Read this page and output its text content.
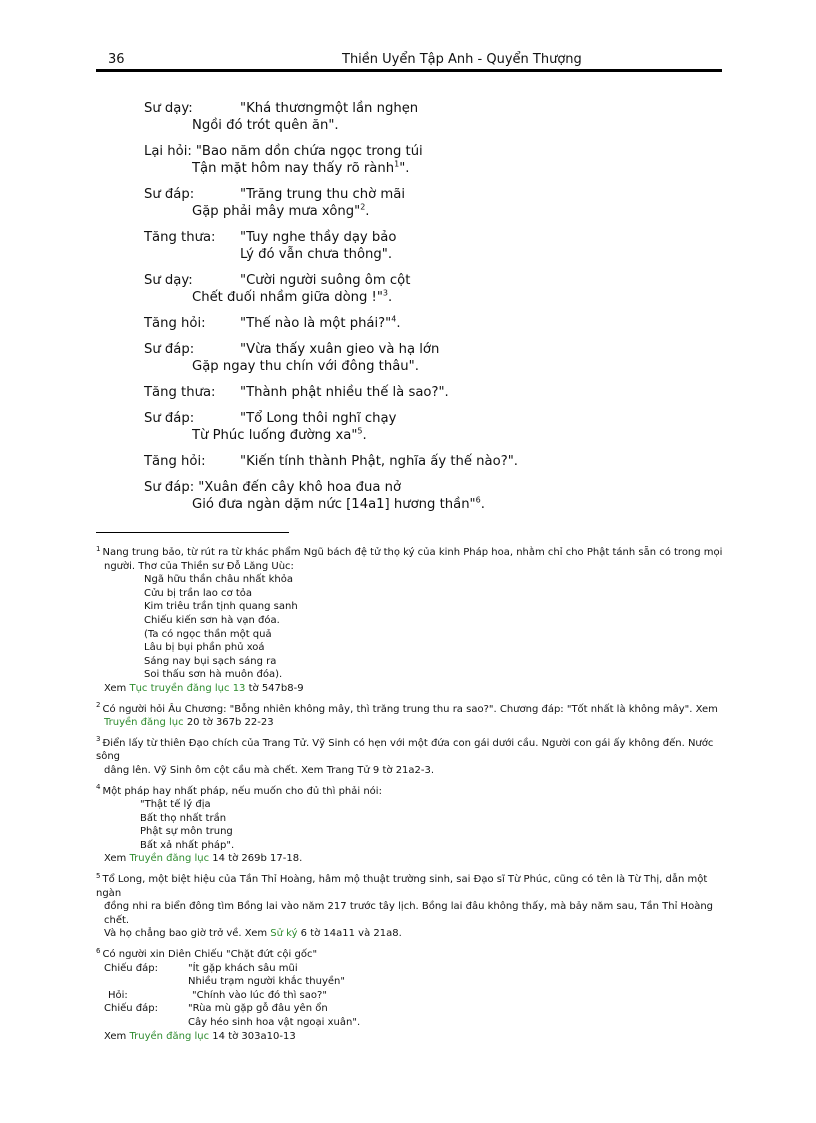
36	Thiền Uyển Tập Anh - Quyển Thượng
Sư dạy:	"Khá thươngmột lần nghẹn
Ngồi đó trót quên ăn".
Lại hỏi: "Bao năm dồn chứa ngọc trong túi
Tận mặt hôm nay thấy rõ rành$^1$".
Sư đáp:	"Trăng trung thu chờ mãi
Gặp phải mây mưa xông"$^2$.
Tăng thưa: "Tuy nghe thầy dạy bảo
Lý đó vẫn chưa thông".
Sư dạy:	"Cười người suông ôm cột
Chết đuối nhầm giữa dòng !"$^3$.
Tăng hỏi:	"Thế nào là một phái?"$^4$.
Sư đáp:	"Vừa thấy xuân gieo và hạ lớn
Gặp ngay thu chín với đông thâu".
Tăng thưa: "Thành phật nhiều thế là sao?".
Sư đáp:	"Tổ Long thôi nghĩ chạy
Từ Phúc luống đường xa"$^5$.
Tăng hỏi:	"Kiến tính thành Phật, nghĩa ấy thế nào?".
Sư đáp: "Xuân đến cây khô hoa đua nở
Gió đưa ngàn dặm nức [14a1] hương thần"$^6$.
$^1$ Nang trung bảo, từ rút ra từ khác phẩm Ngũ bách đệ tử thọ ký của kinh Pháp hoa, nhằm chỉ cho Phật tánh sẵn có trong mọi
người. Thơ của Thiền sư Đỗ Lăng Uùc:
Ngã hữu thần châu nhất khỏa
Cửu bị trần lao cơ tỏa
Kim triêu trần tịnh quang sanh
Chiếu kiến sơn hà vạn đóa.
(Ta có ngọc thần một quả
Lâu bị bụi phần phủ xoá
Sáng nay bụi sạch sáng ra
Soi thấu sơn hà muôn đóa).
Xem Tục truyền đăng lục 13 tờ 547b8-9
$^2$ Có người hỏi Âu Chương: "Bỗng nhiên không mây, thì trăng trung thu ra sao?". Chương đáp: "Tốt nhất là không mây". Xem
Truyền đăng lục 20 tờ 367b 22-23
$^3$ Điển lấy từ thiên Đạo chích của Trang Tử. Vỹ Sinh có hẹn với một đứa con gái dưới cầu. Người con gái ấy không đến. Nước sông
dâng lên. Vỹ Sinh ôm cột cầu mà chết. Xem Trang Tử 9 tờ 21a2-3.
$^4$ Một pháp hay nhất pháp, nếu muốn cho đủ thì phải nói:
"Thật tế lý địa
Bất thọ nhất trần
Phật sự môn trung
Bất xả nhất pháp".
Xem Truyền đăng lục 14 tờ 269b 17-18.
$^5$ Tổ Long, một biệt hiệu của Tần Thỉ Hoàng, hâm mộ thuật trường sinh, sai Đạo sĩ Từ Phúc, cũng có tên là Từ Thị, dẫn một ngàn
đồng nhi ra biển đông tìm Bồng lai vào năm 217 trước tây lịch. Bồng lai đâu không thấy, mà bảy năm sau, Tần Thỉ Hoàng chết.
Và họ chẳng bao giờ trở về. Xem Sử ký 6 tờ 14a11 và 21a8.
$^6$ Có người xin Diên Chiếu "Chặt đứt cội gốc"
Chiếu đáp:	"Ít gặp khách sâu mũi
Nhiều trạm người khắc thuyền"
Hỏi:	"Chính vào lúc đó thì sao?"
Chiếu đáp:	"Rùa mù gặp gỗ đâu yên ổn
Cây héo sinh hoa vật ngoại xuân".
Xem Truyền đăng lục 14 tờ 303a10-13
